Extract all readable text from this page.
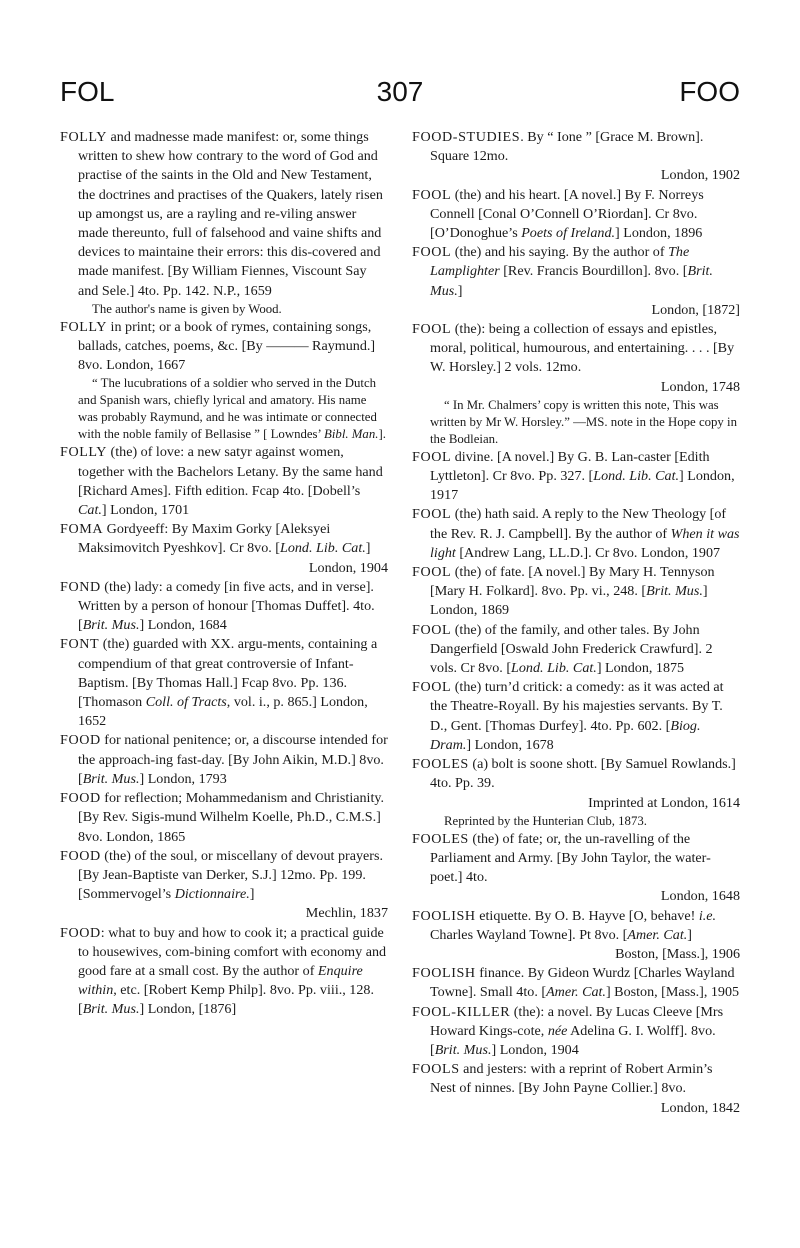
FOL	307	FOO

FOLLY and madnesse made manifest: or, some things written to shew how contrary to the word of God and practise of the saints in the Old and New Testament, the doctrines and practises of the Quakers, lately risen up amongst us, are a rayling and re-viling answer made thereunto, full of falsehood and vaine shifts and devices to maintaine their errors: this dis-covered and made manifest. [By William Fiennes, Viscount Say and Sele.] 4to. Pp. 142. N.P., 1659

The author's name is given by Wood.

FOLLY in print; or a book of rymes, containing songs, ballads, catches, poems, &c. [By ——— Raymund.] 8vo. London, 1667

“ The lucubrations of a soldier who served in the Dutch and Spanish wars, chiefly lyrical and amatory. His name was probably Raymund, and he was intimate or connected with the noble family of Bellasise ” [ Lowndes’ Bibl. Man.].

FOLLY (the) of love: a new satyr against women, together with the Bachelors Letany. By the same hand [Richard Ames]. Fifth edition. Fcap 4to. [Dobell’s Cat.] London, 1701

FOMA Gordyeeff: By Maxim Gorky [Aleksyei Maksimovitch Pyeshkov]. Cr 8vo. [Lond. Lib. Cat.]

London, 1904

FOND (the) lady: a comedy [in five acts, and in verse]. Written by a person of honour [Thomas Duffet]. 4to. [Brit. Mus.] London, 1684

FONT (the) guarded with XX. argu-ments, containing a compendium of that great controversie of Infant-Baptism. [By Thomas Hall.] Fcap 8vo. Pp. 136. [Thomason Coll. of Tracts, vol. i., p. 865.] London, 1652

FOOD for national penitence; or, a discourse intended for the approach-ing fast-day. [By John Aikin, M.D.] 8vo. [Brit. Mus.] London, 1793

FOOD for reflection; Mohammedanism and Christianity. [By Rev. Sigis-mund Wilhelm Koelle, Ph.D., C.M.S.] 8vo. London, 1865

FOOD (the) of the soul, or miscellany of devout prayers. [By Jean-Baptiste van Derker, S.J.] 12mo. Pp. 199. [Sommervogel’s Dictionnaire.]

Mechlin, 1837

FOOD: what to buy and how to cook it; a practical guide to housewives, com-bining comfort with economy and good fare at a small cost. By the author of Enquire within, etc. [Robert Kemp Philp]. 8vo. Pp. viii., 128. [Brit. Mus.] London, [1876]

FOOD-STUDIES. By “ Ione ” [Grace M. Brown]. Square 12mo.

London, 1902

FOOL (the) and his heart. [A novel.] By F. Norreys Connell [Conal O’Connell O’Riordan]. Cr 8vo. [O’Donoghue’s Poets of Ireland.] London, 1896

FOOL (the) and his saying. By the author of The Lamplighter [Rev. Francis Bourdillon]. 8vo. [Brit. Mus.]

London, [1872]

FOOL (the): being a collection of essays and epistles, moral, political, humourous, and entertaining. . . . [By W. Horsley.] 2 vols. 12mo.

London, 1748

“ In Mr. Chalmers’ copy is written this note, This was written by Mr W. Horsley.” —MS. note in the Hope copy in the Bodleian.

FOOL divine. [A novel.] By G. B. Lan-caster [Edith Lyttleton]. Cr 8vo. Pp. 327. [Lond. Lib. Cat.] London, 1917

FOOL (the) hath said. A reply to the New Theology [of the Rev. R. J. Campbell]. By the author of When it was light [Andrew Lang, LL.D.]. Cr 8vo. London, 1907

FOOL (the) of fate. [A novel.] By Mary H. Tennyson [Mary H. Folkard]. 8vo. Pp. vi., 248. [Brit. Mus.] London, 1869

FOOL (the) of the family, and other tales. By John Dangerfield [Oswald John Frederick Crawfurd]. 2 vols. Cr 8vo. [Lond. Lib. Cat.] London, 1875

FOOL (the) turn’d critick: a comedy: as it was acted at the Theatre-Royall. By his majesties servants. By T. D., Gent. [Thomas Durfey]. 4to. Pp. 602. [Biog. Dram.] London, 1678

FOOLES (a) bolt is soone shott. [By Samuel Rowlands.] 4to. Pp. 39.

Imprinted at London, 1614

Reprinted by the Hunterian Club, 1873.

FOOLES (the) of fate; or, the un-ravelling of the Parliament and Army. [By John Taylor, the water-poet.] 4to.

London, 1648

FOOLISH etiquette. By O. B. Hayve [O, behave! i.e. Charles Wayland Towne]. Pt 8vo. [Amer. Cat.]

Boston, [Mass.], 1906

FOOLISH finance. By Gideon Wurdz [Charles Wayland Towne]. Small 4to. [Amer. Cat.] Boston, [Mass.], 1905

FOOL-KILLER (the): a novel. By Lucas Cleeve [Mrs Howard Kings-cote, née Adelina G. I. Wolff]. 8vo. [Brit. Mus.] London, 1904

FOOLS and jesters: with a reprint of Robert Armin’s Nest of ninnes. [By John Payne Collier.] 8vo.

London, 1842
